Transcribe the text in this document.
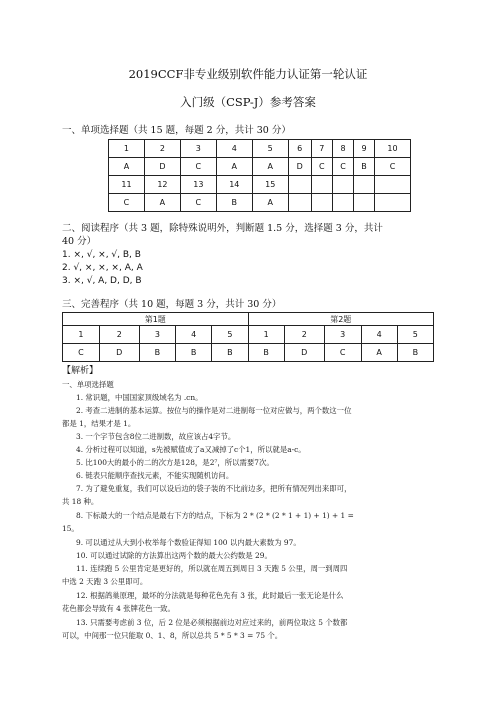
2019CCF非专业级别软件能力认证第一轮认证
入门级（CSP-J）参考答案
一、单项选择题（共 15 题，每题 2 分，共计 30 分）
1	2	3	4	5	6	7	8	9	10
A	D	C	A	A	D	C	C	B	C
11	12	13	14	15					
C	A	C	B	A					
二、阅读程序（共 3 题，除特殊说明外，判断题 1.5 分，选择题 3 分，共计
40 分）
1. ×, √, ×, √, B, B
2. √, ×, ×, ×, A, A
3. ×, √, A, D, D, B
三、完善程序（共 10 题，每题 3 分，共计 30 分）
第1题					第2题				
1	2	3	4	5	1	2	3	4	5
C	D	B	B	B	B	D	C	A	B
【解析】
一、单项选择题
1. 常识题，中国国家顶级域名为 .cn。
2. 考查二进制的基本运算。按位与的操作是对二进制每一位对应做与，两个数这一位
都是 1，结果才是 1。
3. 一个字节包含8位二进制数，故应该占4字节。
4. 分析过程可以知道，s先被赋值成了a又减掉了c个1，所以就是a-c。
5. 比100大的最小的二的次方是128，是2⁷，所以需要7次。
6. 链表只能顺序查找元素，不能实现随机访问。
7. 为了避免重复，我们可以设后边的袋子装的不比前边多，把所有情况列出来即可，
共 18 种。
8. 下标最大的一个结点是最右下方的结点，下标为 2 * (2 * (2 * 1 + 1) + 1) + 1 =
15。
9. 可以通过从大到小枚举每个数验证得知 100 以内最大素数为 97。
10. 可以通过试除的方法算出这两个数的最大公约数是 29。
11. 连续跑 5 公里肯定是更好的，所以就在周五到周日 3 天跑 5 公里，周一到周四
中选 2 天跑 3 公里即可。
12. 根据鸽巢原理，最坏的分法就是每种花色先有 3 张，此时最后一张无论是什么
花色都会导致有 4 张牌花色一致。
13. 只需要考虑前 3 位，后 2 位是必须根据前边对应过来的，前两位取这 5 个数都
可以，中间那一位只能取 0、1、8，所以总共 5 * 5 * 3 = 75 个。
